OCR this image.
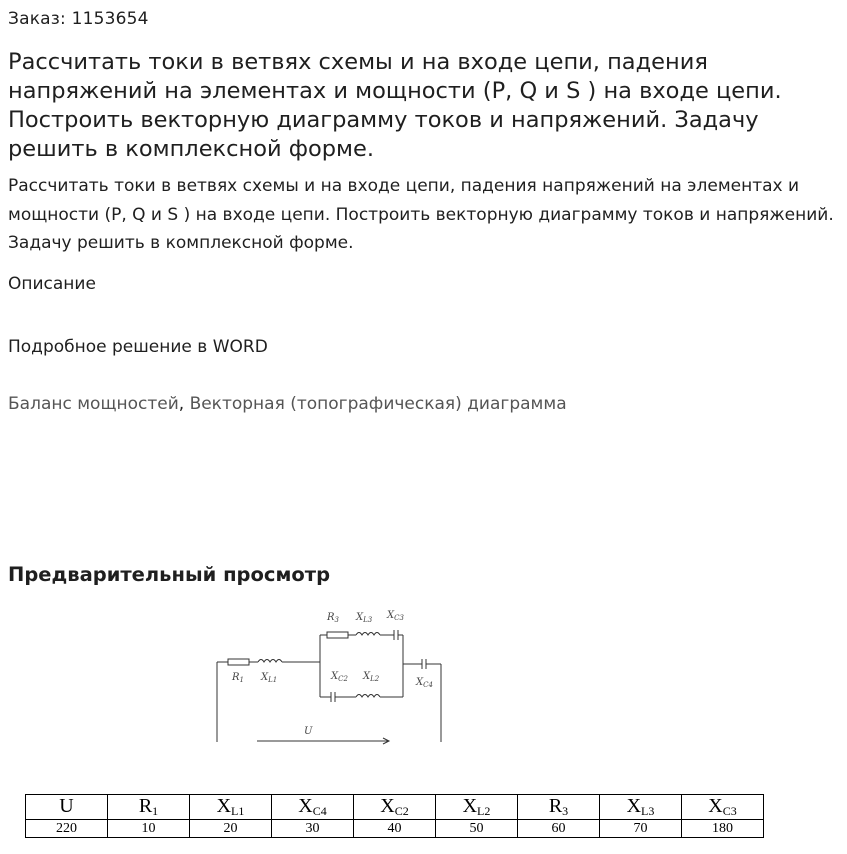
Заказ: 1153654
Рассчитать токи в ветвях схемы и на входе цепи, падения напряжений на элементах и мощности (P, Q и S ) на входе цепи. Построить векторную диаграмму токов и напряжений. Задачу решить в комплексной форме.

Рассчитать токи в ветвях схемы и на входе цепи, падения напряжений на элементах и мощности (P, Q и S ) на входе цепи. Построить векторную диаграмму токов и напряжений. Задачу решить в комплексной форме.

Описание
Подробное решение в WORD
Баланс мощностей, Векторная (топографическая) диаграмма
Предварительный просмотр
$R_3$ $X_{L3}$ $X_{C3}$
$R_1$ $X_{L1}$	$X_{C2}$ $X_{L2}$	$X_{C4}$
U
U	$R_1$	$X_{L1}$	$X_{C4}$	$X_{C2}$	$X_{L2}$	$R_3$	$X_{L3}$	$X_{C3}$
220	10	20	30	40	50	60	70	180
